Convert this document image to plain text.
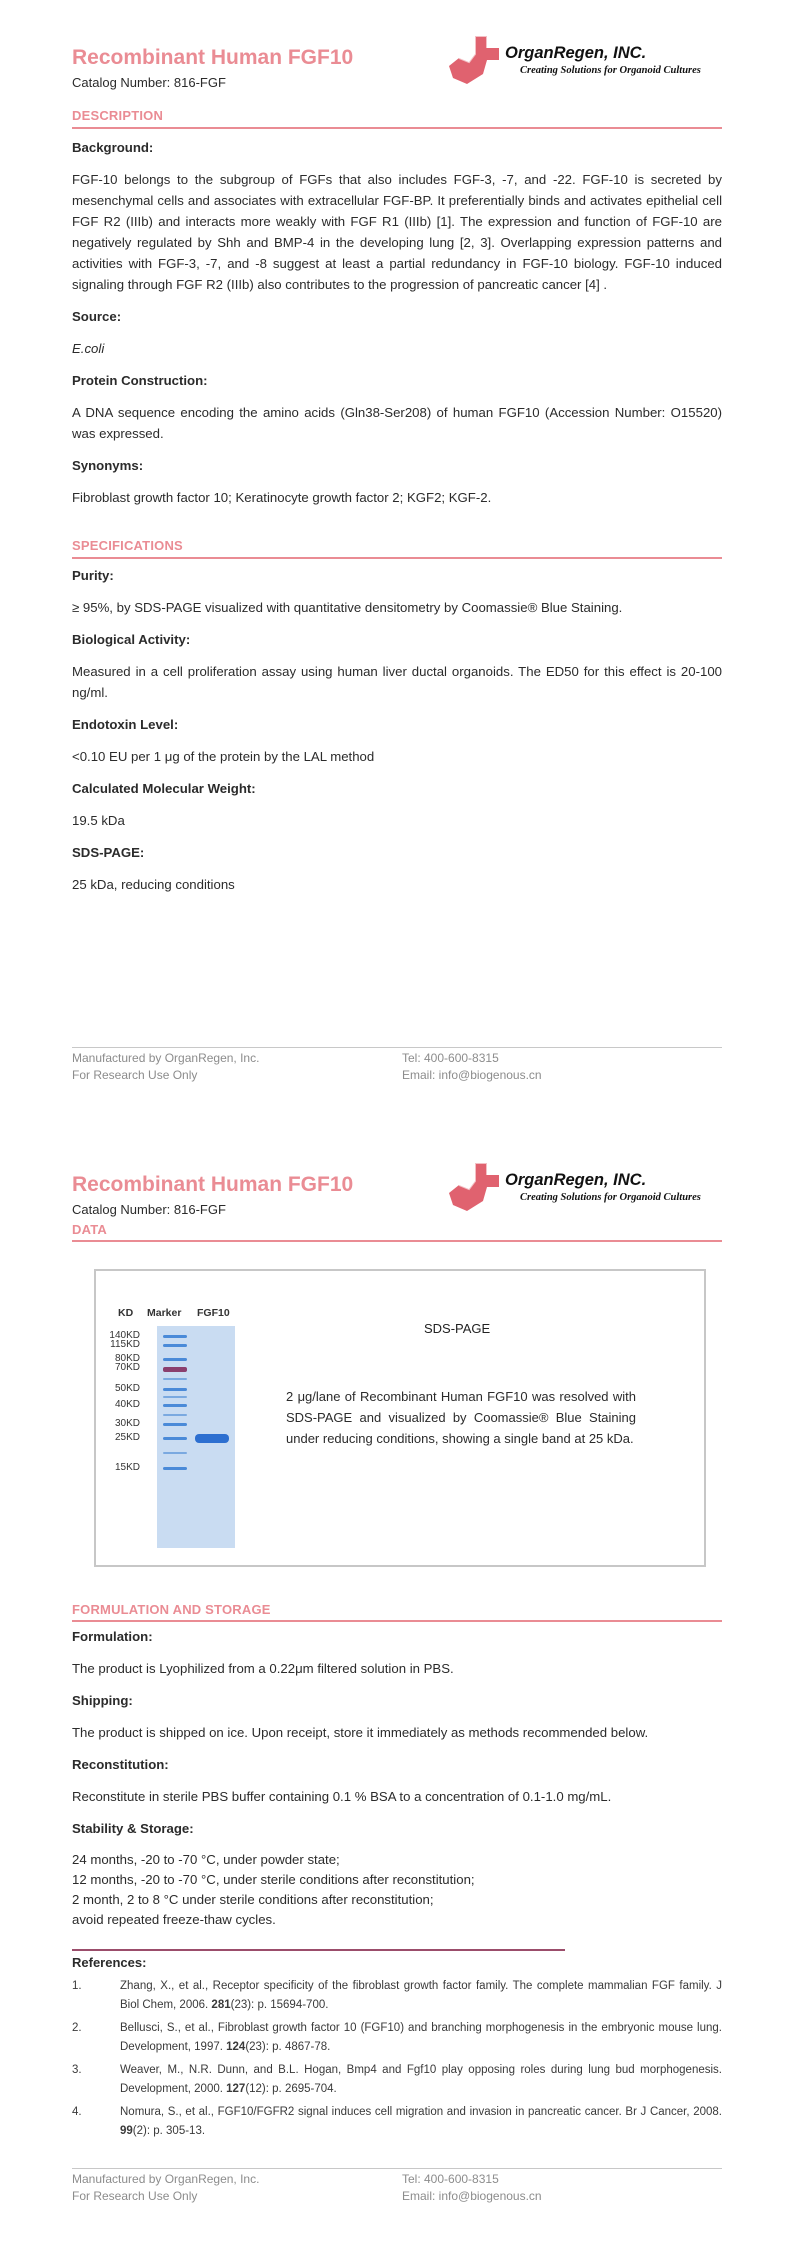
Recombinant Human FGF10
Catalog Number: 816-FGF
OrganRegen, INC.
Creating Solutions for Organoid Cultures
DESCRIPTION
Background:
FGF-10 belongs to the subgroup of FGFs that also includes FGF-3, -7, and -22. FGF-10 is secreted by mesenchymal cells and associates with extracellular FGF-BP. It preferentially binds and activates epithelial cell FGF R2 (IIIb) and interacts more weakly with FGF R1 (IIIb) [1]. The expression and function of FGF-10 are negatively regulated by Shh and BMP-4 in the developing lung [2, 3]. Overlapping expression patterns and activities with FGF-3, -7, and -8 suggest at least a partial redundancy in FGF-10 biology. FGF-10 induced signaling through FGF R2 (IIIb) also contributes to the progression of pancreatic cancer [4] .
Source:
E.coli
Protein Construction:
A DNA sequence encoding the amino acids (Gln38-Ser208) of human FGF10 (Accession Number: O15520) was expressed.
Synonyms:
Fibroblast growth factor 10; Keratinocyte growth factor 2; KGF2; KGF-2.
SPECIFICATIONS
Purity:
≥ 95%, by SDS-PAGE visualized with quantitative densitometry by Coomassie® Blue Staining.
Biological Activity:
Measured in a cell proliferation assay using human liver ductal organoids. The ED50 for this effect is 20-100 ng/ml.
Endotoxin Level:
<0.10 EU per 1 μg of the protein by the LAL method
Calculated Molecular Weight:
19.5 kDa
SDS-PAGE:
25 kDa, reducing conditions
Manufactured by OrganRegen, Inc.
For Research Use Only
Tel: 400-600-8315
Email: info@biogenous.cn
Recombinant Human FGF10
Catalog Number: 816-FGF
OrganRegen, INC.
Creating Solutions for Organoid Cultures
DATA
KD Marker FGF10
140KD
115KD
80KD
70KD
50KD
40KD
30KD
25KD
15KD
SDS-PAGE
2 μg/lane of Recombinant Human FGF10 was resolved with SDS-PAGE and visualized by Coomassie® Blue Staining under reducing conditions, showing a single band at 25 kDa.
FORMULATION AND STORAGE
Formulation:
The product is Lyophilized from a 0.22μm filtered solution in PBS.
Shipping:
The product is shipped on ice. Upon receipt, store it immediately as methods recommended below.
Reconstitution:
Reconstitute in sterile PBS buffer containing 0.1 % BSA to a concentration of 0.1-1.0 mg/mL.
Stability & Storage:
24 months, -20 to -70 °C, under powder state;
12 months, -20 to -70 °C, under sterile conditions after reconstitution;
2 month, 2 to 8 °C under sterile conditions after reconstitution;
avoid repeated freeze-thaw cycles.
References:
1.	Zhang, X., et al., Receptor specificity of the fibroblast growth factor family. The complete mammalian FGF family. J Biol Chem, 2006. 281(23): p. 15694-700.
2.	Bellusci, S., et al., Fibroblast growth factor 10 (FGF10) and branching morphogenesis in the embryonic mouse lung. Development, 1997. 124(23): p. 4867-78.
3.	Weaver, M., N.R. Dunn, and B.L. Hogan, Bmp4 and Fgf10 play opposing roles during lung bud morphogenesis. Development, 2000. 127(12): p. 2695-704.
4.	Nomura, S., et al., FGF10/FGFR2 signal induces cell migration and invasion in pancreatic cancer. Br J Cancer, 2008. 99(2): p. 305-13.
Manufactured by OrganRegen, Inc.
For Research Use Only
Tel: 400-600-8315
Email: info@biogenous.cn
